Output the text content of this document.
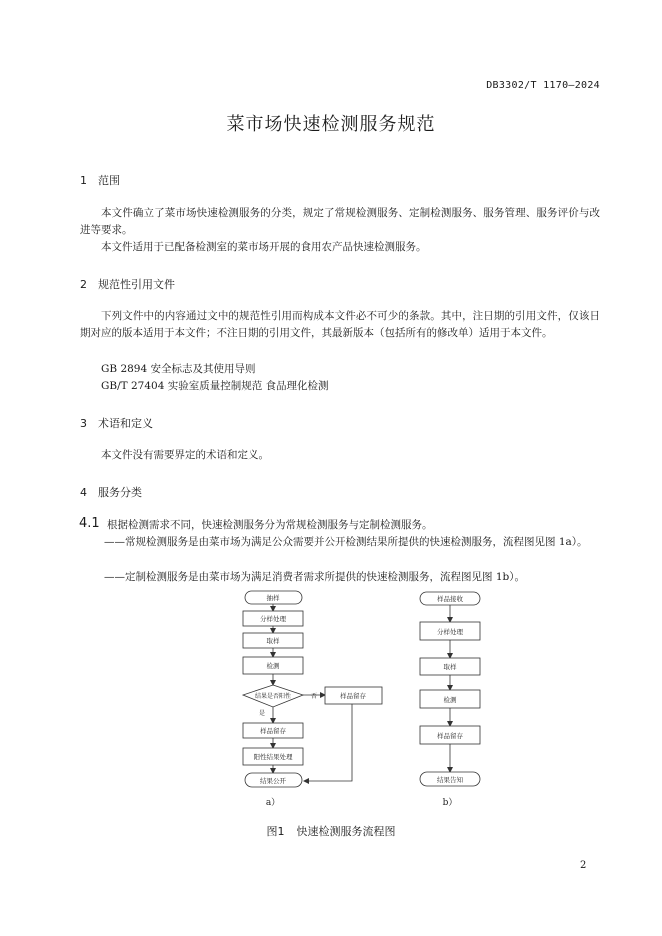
DB3302/T 1170—2024
菜市场快速检测服务规范
1 范围
本文件确立了菜市场快速检测服务的分类，规定了常规检测服务、定制检测服务、服务管理、服务评价与改进等要求。
本文件适用于已配备检测室的菜市场开展的食用农产品快速检测服务。
2 规范性引用文件
下列文件中的内容通过文中的规范性引用而构成本文件必不可少的条款。其中，注日期的引用文件，仅该日期对应的版本适用于本文件；不注日期的引用文件，其最新版本（包括所有的修改单）适用于本文件。
GB 2894 安全标志及其使用导则
GB/T 27404 实验室质量控制规范 食品理化检测
3 术语和定义
本文件没有需要界定的术语和定义。
4 服务分类
4.1 根据检测需求不同，快速检测服务分为常规检测服务与定制检测服务。
——常规检测服务是由菜市场为满足公众需要并公开检测结果所提供的快速检测服务，流程图见图 1a）。
——定制检测服务是由菜市场为满足消费者需求所提供的快速检测服务，流程图见图 1b）。
抽样
分样处理
取样
检测
结果是否阳性
样品留存
阳性结果处理
结果公开
样品留存
否
是
a）
样品接收
分样处理
取样
检测
样品留存
结果告知
b）
图1 快速检测服务流程图
2
